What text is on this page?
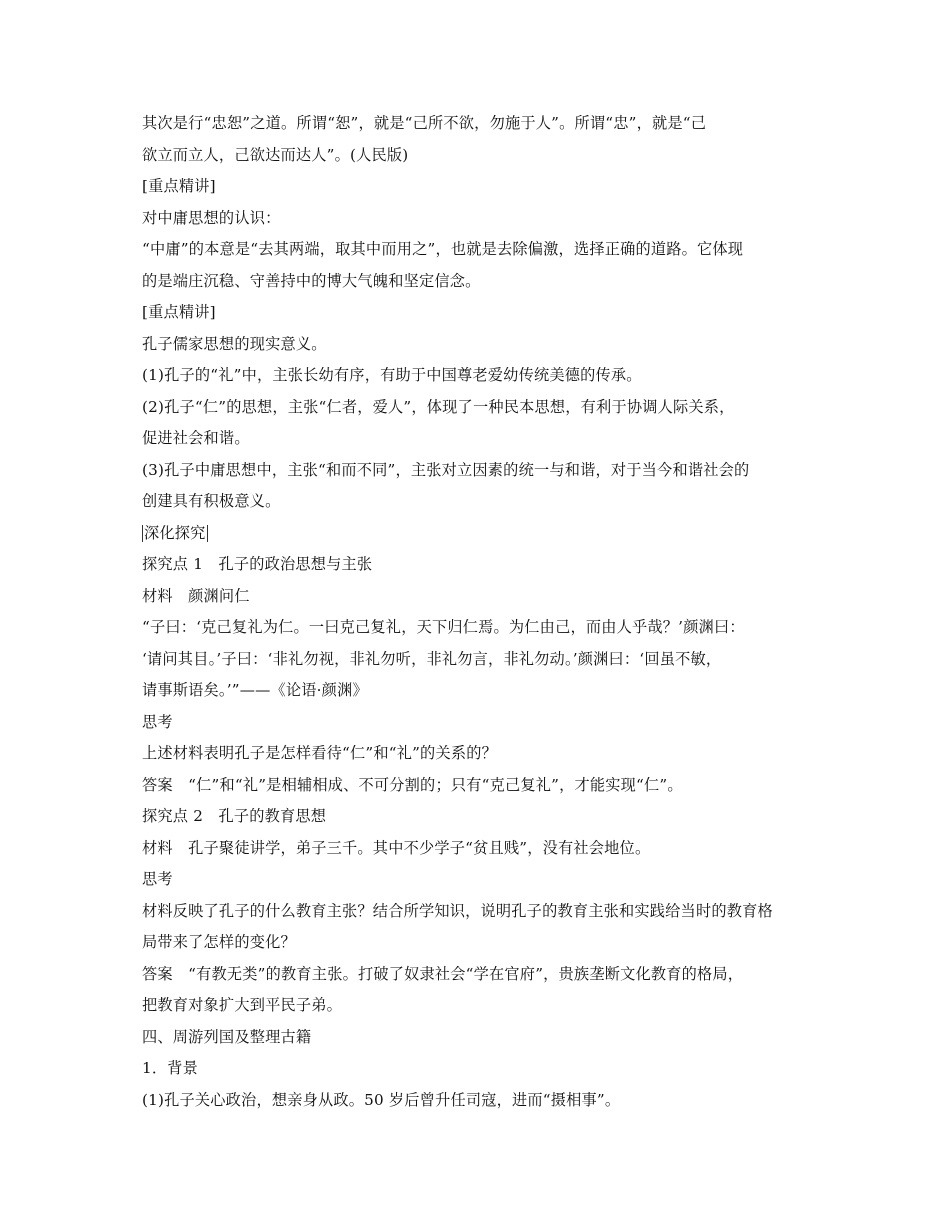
其次是行“忠恕”之道。所谓“恕”，就是“己所不欲，勿施于人”。所谓“忠”，就是“己

欲立而立人，己欲达而达人”。(人民版)

[重点精讲]

对中庸思想的认识：

“中庸”的本意是“去其两端，取其中而用之”，也就是去除偏激，选择正确的道路。它体现

的是端庄沉稳、守善持中的博大气魄和坚定信念。

[重点精讲]

孔子儒家思想的现实意义。

(1)孔子的“礼”中，主张长幼有序，有助于中国尊老爱幼传统美德的传承。

(2)孔子“仁”的思想，主张“仁者，爱人”，体现了一种民本思想，有利于协调人际关系，

促进社会和谐。

(3)孔子中庸思想中，主张“和而不同”，主张对立因素的统一与和谐，对于当今和谐社会的

创建具有积极意义。

深化探究

探究点 1　孔子的政治思想与主张

材料　颜渊问仁

“子曰：‘克己复礼为仁。一曰克己复礼，天下归仁焉。为仁由己，而由人乎哉？’颜渊曰：

‘请问其目。’子曰：‘非礼勿视，非礼勿听，非礼勿言，非礼勿动。’颜渊曰：‘回虽不敏，

请事斯语矣。’”——《论语·颜渊》

思考

上述材料表明孔子是怎样看待“仁”和“礼”的关系的？

答案　“仁”和“礼”是相辅相成、不可分割的；只有“克己复礼”，才能实现“仁”。

探究点 2　孔子的教育思想

材料　孔子聚徒讲学，弟子三千。其中不少学子“贫且贱”，没有社会地位。

思考

材料反映了孔子的什么教育主张？结合所学知识，说明孔子的教育主张和实践给当时的教育格

局带来了怎样的变化？

答案　“有教无类”的教育主张。打破了奴隶社会“学在官府”，贵族垄断文化教育的格局，

把教育对象扩大到平民子弟。

四、周游列国及整理古籍

1．背景

(1)孔子关心政治，想亲身从政。50 岁后曾升任司寇，进而“摄相事”。
